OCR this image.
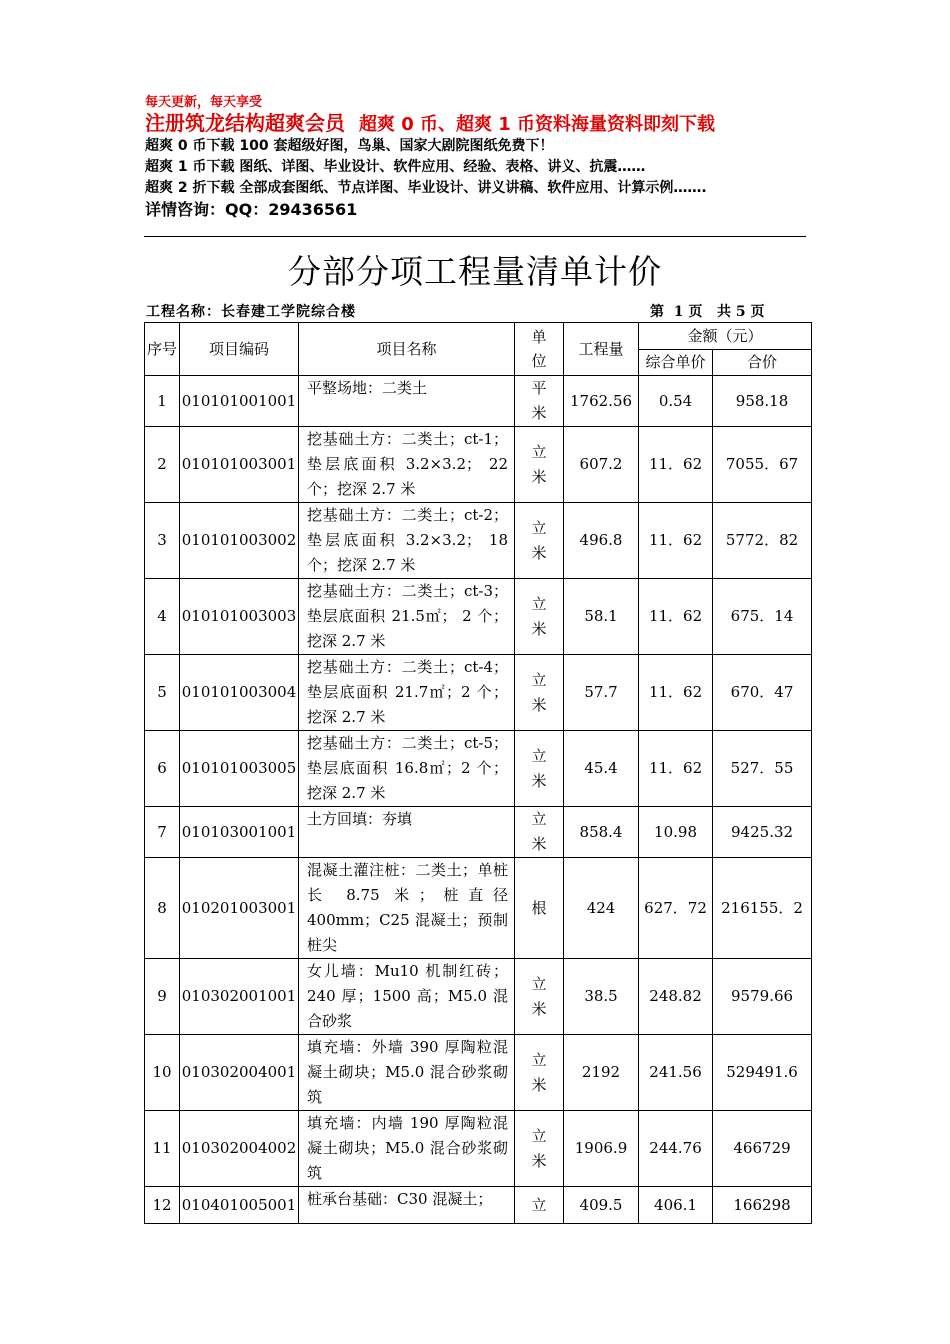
每天更新，每天享受
注册筑龙结构超爽会员 超爽 0 币、超爽 1 币资料海量资料即刻下载
超爽 0 币下载 100 套超级好图，鸟巢、国家大剧院图纸免费下！
超爽 1 币下载 图纸、详图、毕业设计、软件应用、经验、表格、讲义、抗震……
超爽 2 折下载 全部成套图纸、节点详图、毕业设计、讲义讲稿、软件应用、计算示例…….
详情咨询：QQ：29436561
分部分项工程量清单计价
工程名称：长春建工学院综合楼	第  1 页   共 5 页
序号	项目编码	项目名称	单位	工程量	金额（元）	
					综合单价	合价
1	010101001001	平整场地：二类土	平米	1762.56	0.54	958.18
2	010101003001	挖基础土方：二类土；ct-1；垫层底面积 3.2×3.2； 22 个；挖深 2.7 米	立米	607.2	11．62	7055．67
3	010101003002	挖基础土方：二类土；ct-2；垫层底面积 3.2×3.2； 18 个；挖深 2.7 米	立米	496.8	11．62	5772．82
4	010101003003	挖基础土方：二类土；ct-3；垫层底面积 21.5㎡； 2 个；挖深 2.7 米	立米	58.1	11．62	675．14
5	010101003004	挖基础土方：二类土；ct-4；垫层底面积 21.7㎡；2 个；挖深 2.7 米	立米	57.7	11．62	670．47
6	010101003005	挖基础土方：二类土；ct-5；垫层底面积 16.8㎡；2 个；挖深 2.7 米	立米	45.4	11．62	527．55
7	010103001001	土方回填：夯填	立米	858.4	10.98	9425.32
8	010201003001	混凝土灌注桩：二类土；单桩长 8.75 米；桩直径 400mm；C25 混凝土；预制桩尖	根	424	627．72	216155．2
9	010302001001	女儿墙：Mu10 机制红砖；240 厚；1500 高；M5.0 混合砂浆	立米	38.5	248.82	9579.66
10	010302004001	填充墙：外墙 390 厚陶粒混凝土砌块；M5.0 混合砂浆砌筑	立米	2192	241.56	529491.6
11	010302004002	填充墙：内墙 190 厚陶粒混凝土砌块；M5.0 混合砂浆砌筑	立米	1906.9	244.76	466729
12	010401005001	桩承台基础：C30 混凝土；	立	409.5	406.1	166298
